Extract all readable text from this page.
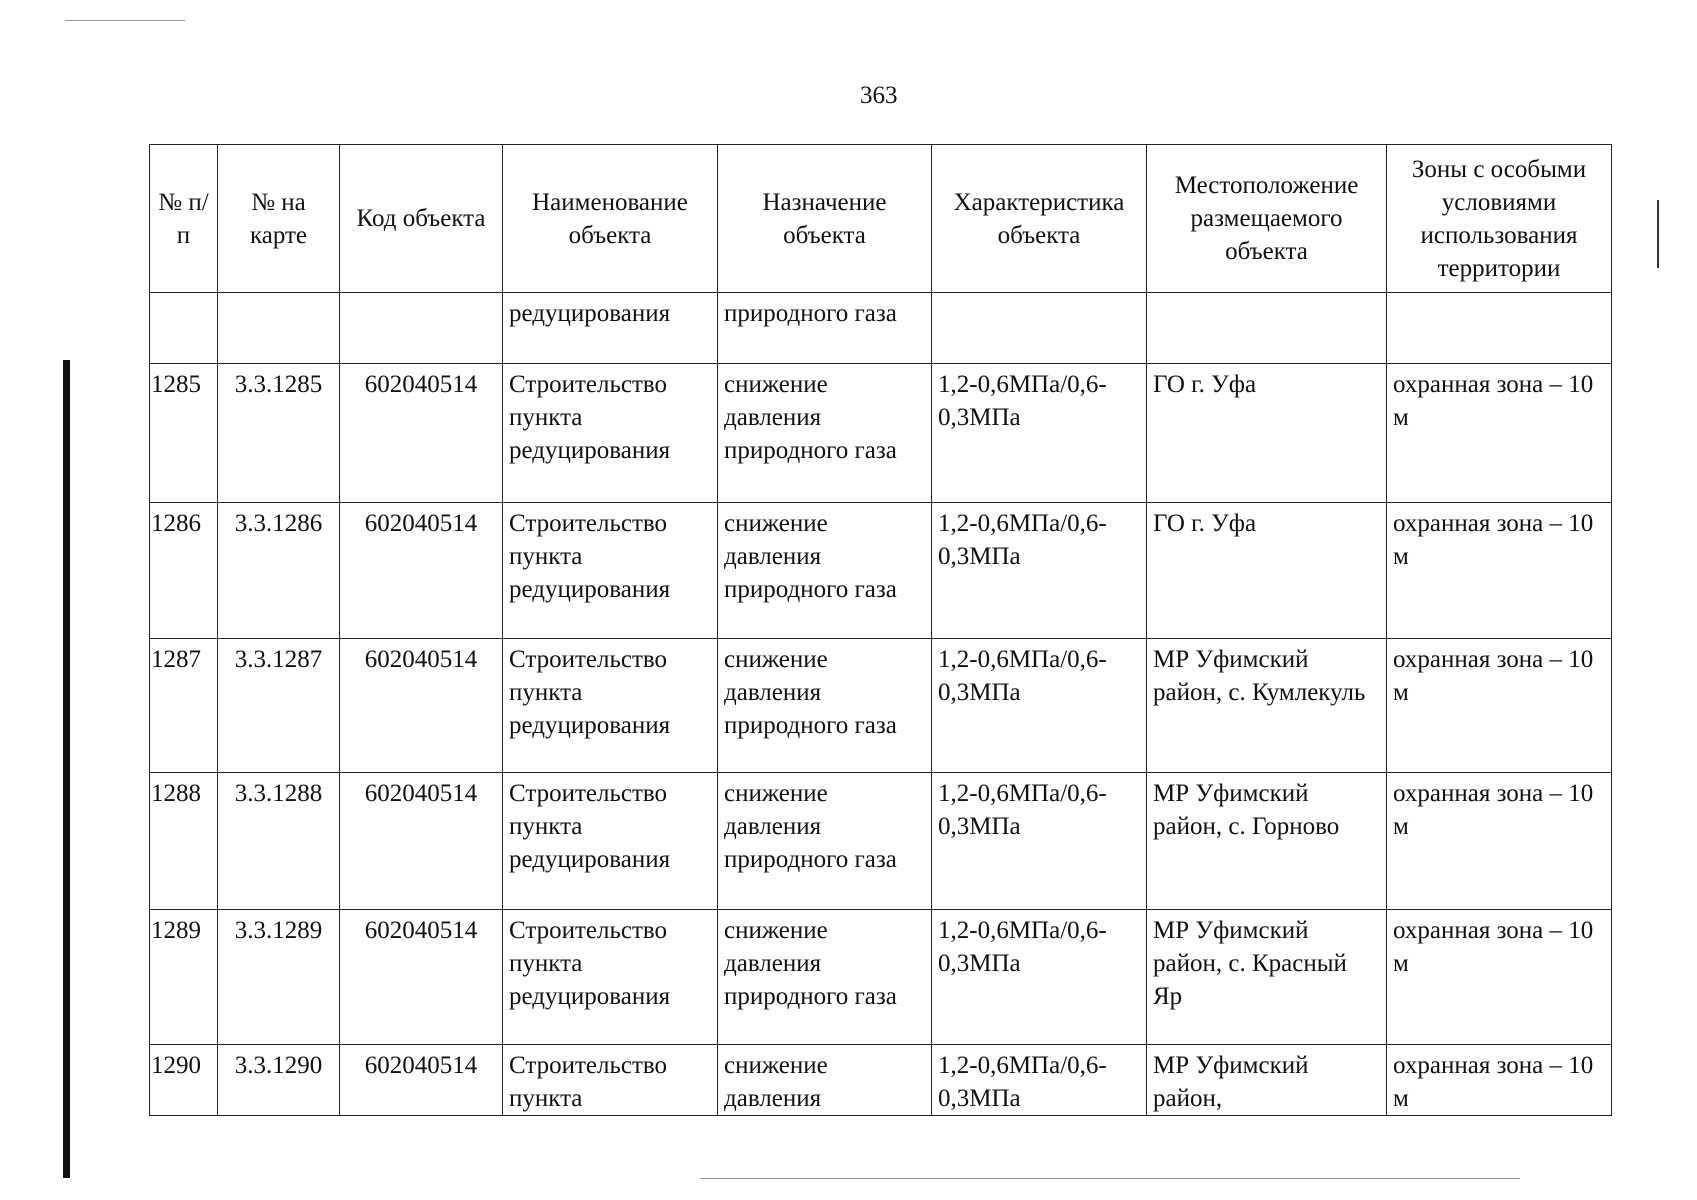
363
№ п/п	№ на карте	Код объекта	Наименование объекта	Назначение объекта	Характеристика объекта	Местоположение размещаемого объекта	Зоны с особыми условиями использования территории
			редуцирования	природного газа			
1285	3.3.1285	602040514	Строительство пункта редуцирования	снижение давления природного газа	1,2-0,6МПа/0,6-0,3МПа	ГО г. Уфа	охранная зона – 10 м
1286	3.3.1286	602040514	Строительство пункта редуцирования	снижение давления природного газа	1,2-0,6МПа/0,6-0,3МПа	ГО г. Уфа	охранная зона – 10 м
1287	3.3.1287	602040514	Строительство пункта редуцирования	снижение давления природного газа	1,2-0,6МПа/0,6-0,3МПа	МР Уфимский район, с. Кумлекуль	охранная зона – 10 м
1288	3.3.1288	602040514	Строительство пункта редуцирования	снижение давления природного газа	1,2-0,6МПа/0,6-0,3МПа	МР Уфимский район, с. Горново	охранная зона – 10 м
1289	3.3.1289	602040514	Строительство пункта редуцирования	снижение давления природного газа	1,2-0,6МПа/0,6-0,3МПа	МР Уфимский район, с. Красный Яр	охранная зона – 10 м
1290	3.3.1290	602040514	Строительство пункта	снижение давления	1,2-0,6МПа/0,6-0,3МПа	МР Уфимский район,	охранная зона – 10 м
